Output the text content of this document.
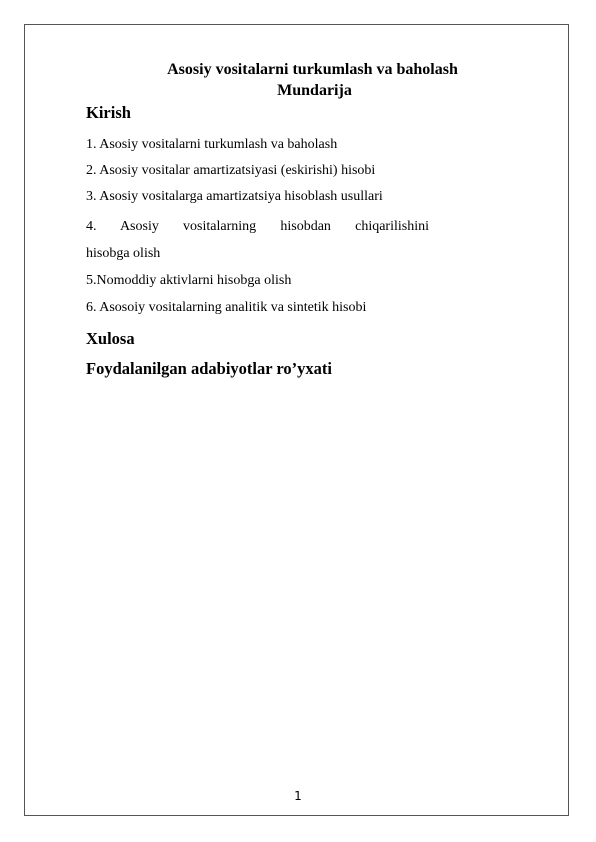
Asosiy vositalarni turkumlash va baholash
Mundarija
Kirish
1. Asosiy vositalarni turkumlash va baholash
2. Asosiy vositalar amartizatsiyasi (eskirishi) hisobi
3. Asosiy vositalarga amartizatsiya hisoblash usullari
4. Asosiy vositalarning hisobdan chiqarilishini
hisobga olish
5.Nomoddiy aktivlarni hisobga olish
6. Asosoiy vositalarning analitik va sintetik hisobi
Xulosa
Foydalanilgan adabiyotlar ro’yxati
1
